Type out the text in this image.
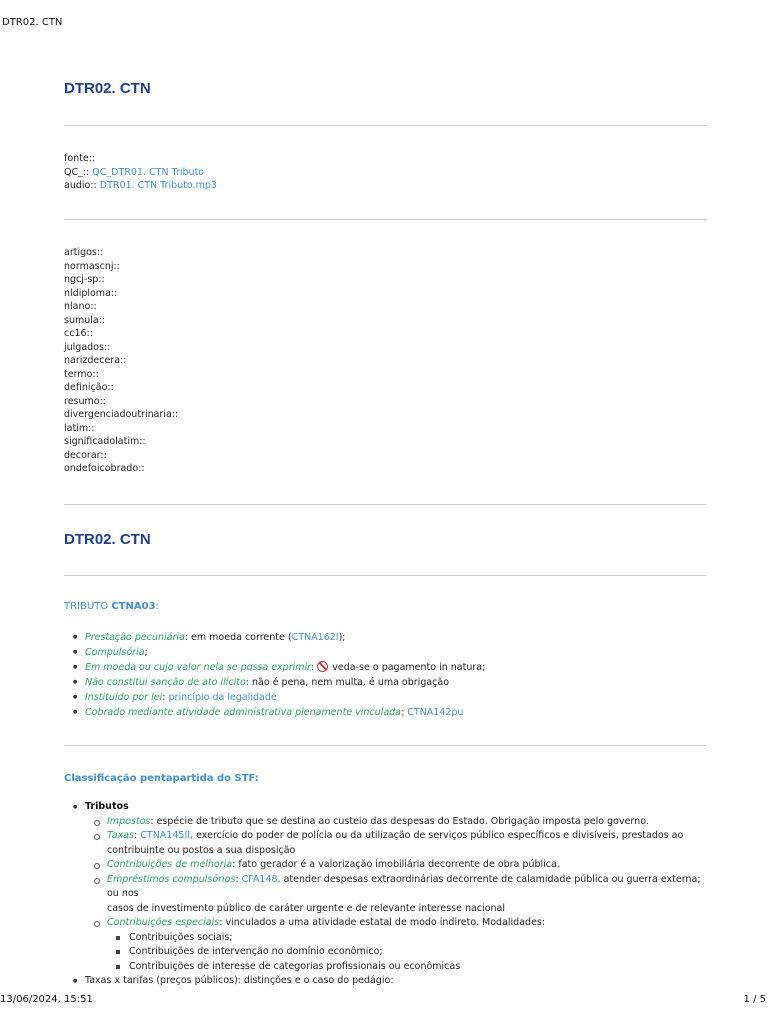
DTR02. CTN
DTR02. CTN
fonte::
QC_:: QC_DTR01. CTN Tributo
audio:: DTR01. CTN Tributo.mp3
artigos::
normascnj::
ngcj-sp::
nldiploma::
nlano::
sumula::
cc16::
julgados::
narizdecera::
termo::
definição::
resumo::
divergenciadoutrinaria::
latim::
significadolatim::
decorar::
ondefoicobrado::
DTR02. CTN
TRIBUTO CTNA03:
● Prestação pecuniária: em moeda corrente (CTNA162I);
● Compulsória;
● Em moeda ou cujo valor nela se possa exprimir:  veda-se o pagamento in natura;
● Não constitui sanção de ato ilícito: não é pena, nem multa, é uma obrigação
● Instituído por lei: princípio da legalidade
● Cobrado mediante atividade administrativa plenamente vinculada: CTNA142pu
Classificação pentapartida do STF:
● Tributos
Impostos: espécie de tributo que se destina ao custeio das despesas do Estado. Obrigação imposta pelo governo.
Taxas: CTNA145II. exercício do poder de polícia ou da utilização de serviços público específicos e divisíveis, prestados ao
contribuinte ou postos a sua disposição
Contribuições de melhoria: fato gerador é a valorização imobiliária decorrente de obra pública.
Empréstimos compulsórios: CFA148. atender despesas extraordinárias decorrente de calamidade pública ou guerra externa; ou nos
casos de investimento público de caráter urgente e de relevante interesse nacional
Contribuições especiais: vinculados a uma atividade estatal de modo indireto. Modalidades:
Contribuições sociais;
Contribuições de intervenção no domínio econômico;
Contribuições de interesse de categorias profissionais ou econômicas
● Taxas x tarifas (preços públicos): distinções e o caso do pedágio:
13/06/2024, 15:51	1 / 5
